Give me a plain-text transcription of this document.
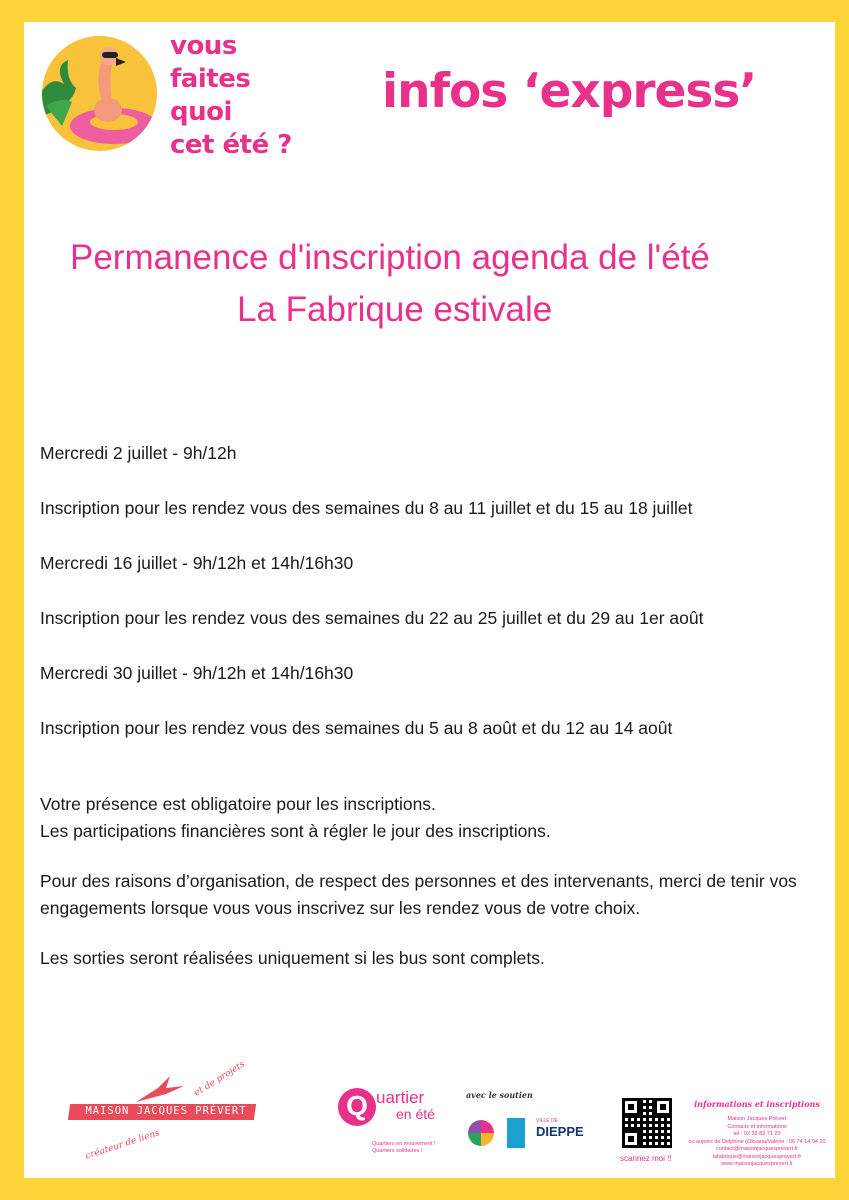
vous
faites
quoi
cet été ?
infos ‘express’
Permanence d'inscription agenda de l'été
La Fabrique estivale

Mercredi 2 juillet - 9h/12h

Inscription pour les rendez vous des semaines du 8 au 11 juillet et du 15 au 18 juillet

Mercredi 16 juillet - 9h/12h et 14h/16h30

Inscription pour les rendez vous des semaines du 22 au 25 juillet et du 29 au 1er août

Mercredi 30 juillet - 9h/12h et 14h/16h30

Inscription pour les rendez vous des semaines du 5 au 8 août et du 12 au 14 août

Votre présence est obligatoire pour les inscriptions.
Les participations financières sont à régler le jour des inscriptions.

Pour des raisons d’organisation, de respect des personnes et des intervenants, merci de tenir vos engagements lorsque vous vous inscrivez sur les rendez vous de votre choix.

Les sorties seront réalisées uniquement si les bus sont complets.

MAISON JACQUES PRÉVERT
et de projets
créateur de liens
Q uartier
en été
Quartiers en mouvement !
Quartiers solidaires !
avec le soutien
VILLE DE
DIEPPE
scannez moi !!
informations et inscriptions
Maison Jacques Prévert
Contacts et informations
tel : 02 35 82 71 20
ou auprès de Delphine (Oksana/Valérie : 06 74 14 94 20
contact@maisonjacquesprevert.fr
lafabrique@maisonjacquesprevert.fr
www.maisonjacquesprevert.fr
